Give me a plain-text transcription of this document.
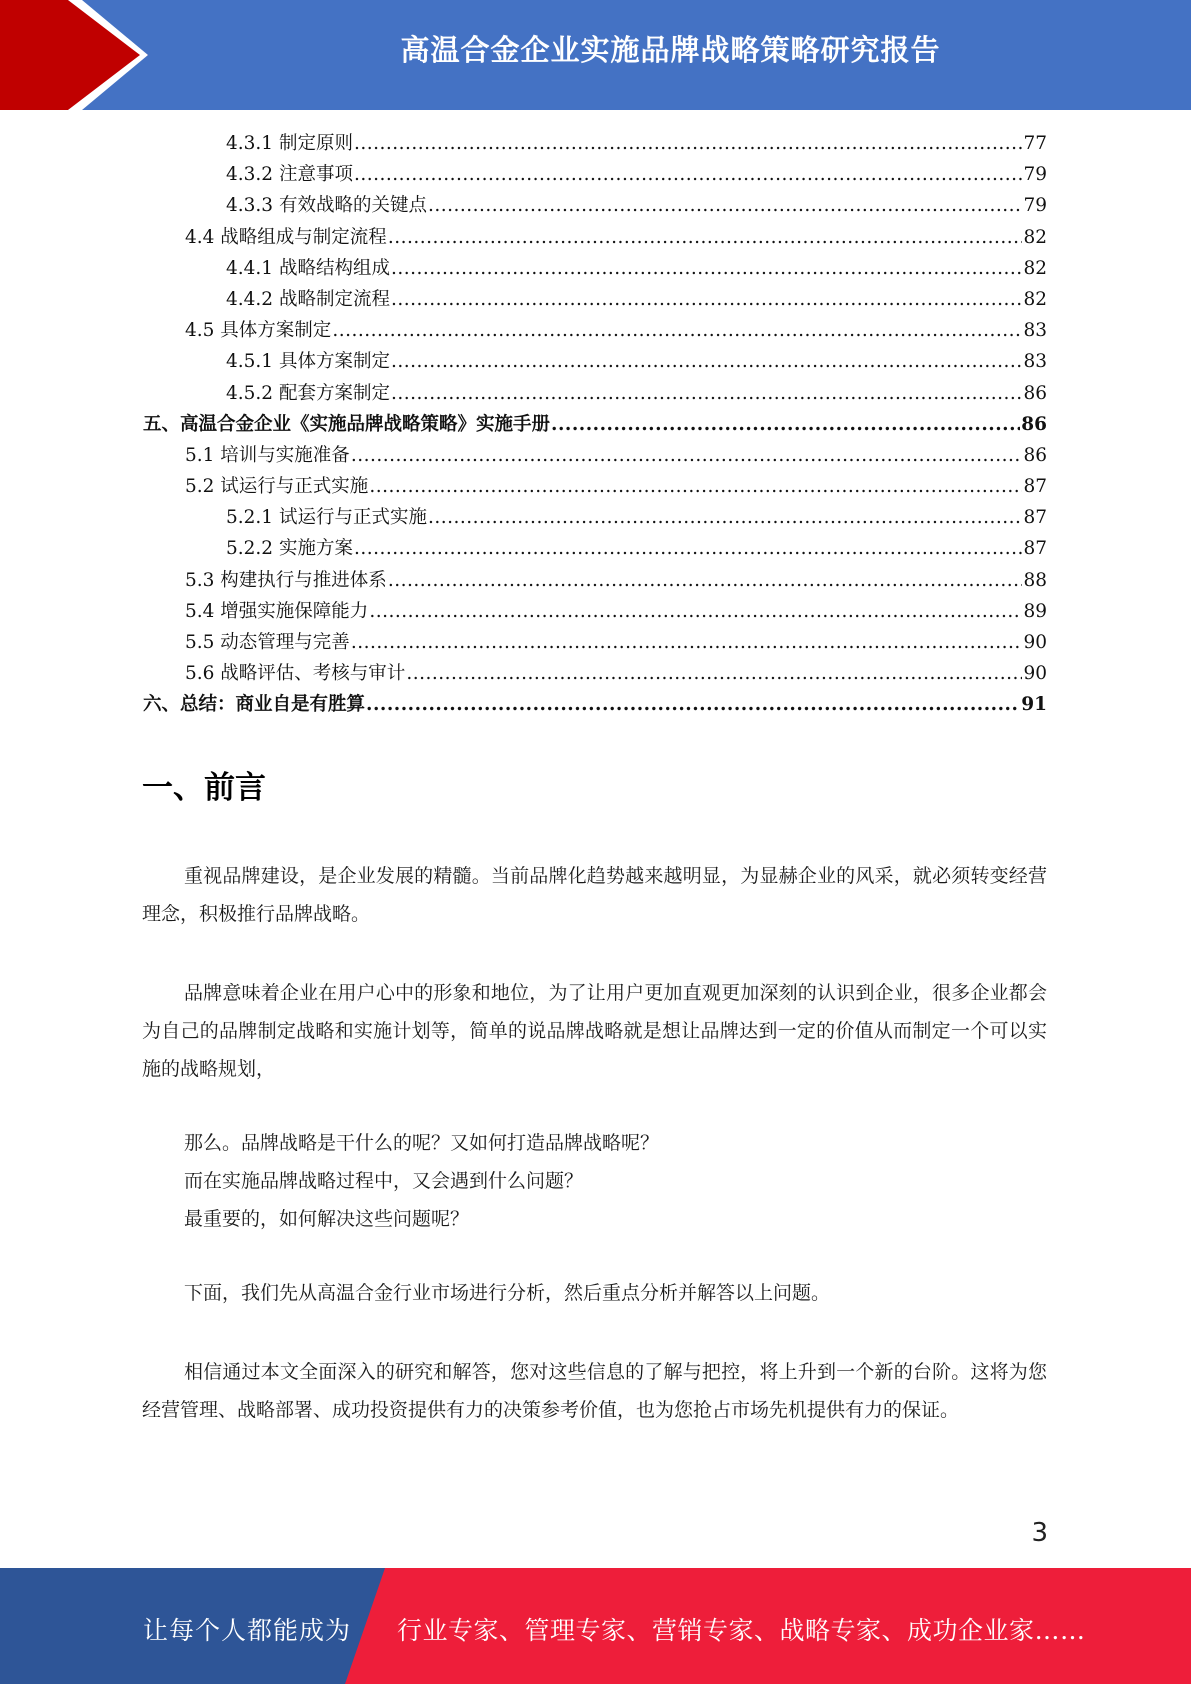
高温合金企业实施品牌战略策略研究报告
4.3.1 制定原则 .....	77
4.3.2 注意事项 .....	79
4.3.3 有效战略的关键点 .....	79
4.4 战略组成与制定流程 .....	82
4.4.1 战略结构组成 .....	82
4.4.2 战略制定流程 .....	82
4.5 具体方案制定 .....	83
4.5.1 具体方案制定 .....	83
4.5.2 配套方案制定 .....	86
五、高温合金企业《实施品牌战略策略》实施手册 .....	86
5.1 培训与实施准备 .....	86
5.2 试运行与正式实施 .....	87
5.2.1 试运行与正式实施 .....	87
5.2.2 实施方案 .....	87
5.3 构建执行与推进体系 .....	88
5.4 增强实施保障能力 .....	89
5.5 动态管理与完善 .....	90
5.6 战略评估、考核与审计 .....	90
六、总结：商业自是有胜算 .....	91
一、前言
重视品牌建设，是企业发展的精髓。当前品牌化趋势越来越明显，为显赫企业的风采，就必须转变经营理念，积极推行品牌战略。
品牌意味着企业在用户心中的形象和地位，为了让用户更加直观更加深刻的认识到企业，很多企业都会为自己的品牌制定战略和实施计划等，简单的说品牌战略就是想让品牌达到一定的价值从而制定一个可以实施的战略规划，
那么。品牌战略是干什么的呢？又如何打造品牌战略呢？
而在实施品牌战略过程中，又会遇到什么问题？
最重要的，如何解决这些问题呢？
下面，我们先从高温合金行业市场进行分析，然后重点分析并解答以上问题。
相信通过本文全面深入的研究和解答，您对这些信息的了解与把控，将上升到一个新的台阶。这将为您经营管理、战略部署、成功投资提供有力的决策参考价值，也为您抢占市场先机提供有力的保证。
3
让每个人都能成为 行业专家、管理专家、营销专家、战略专家、成功企业家……
